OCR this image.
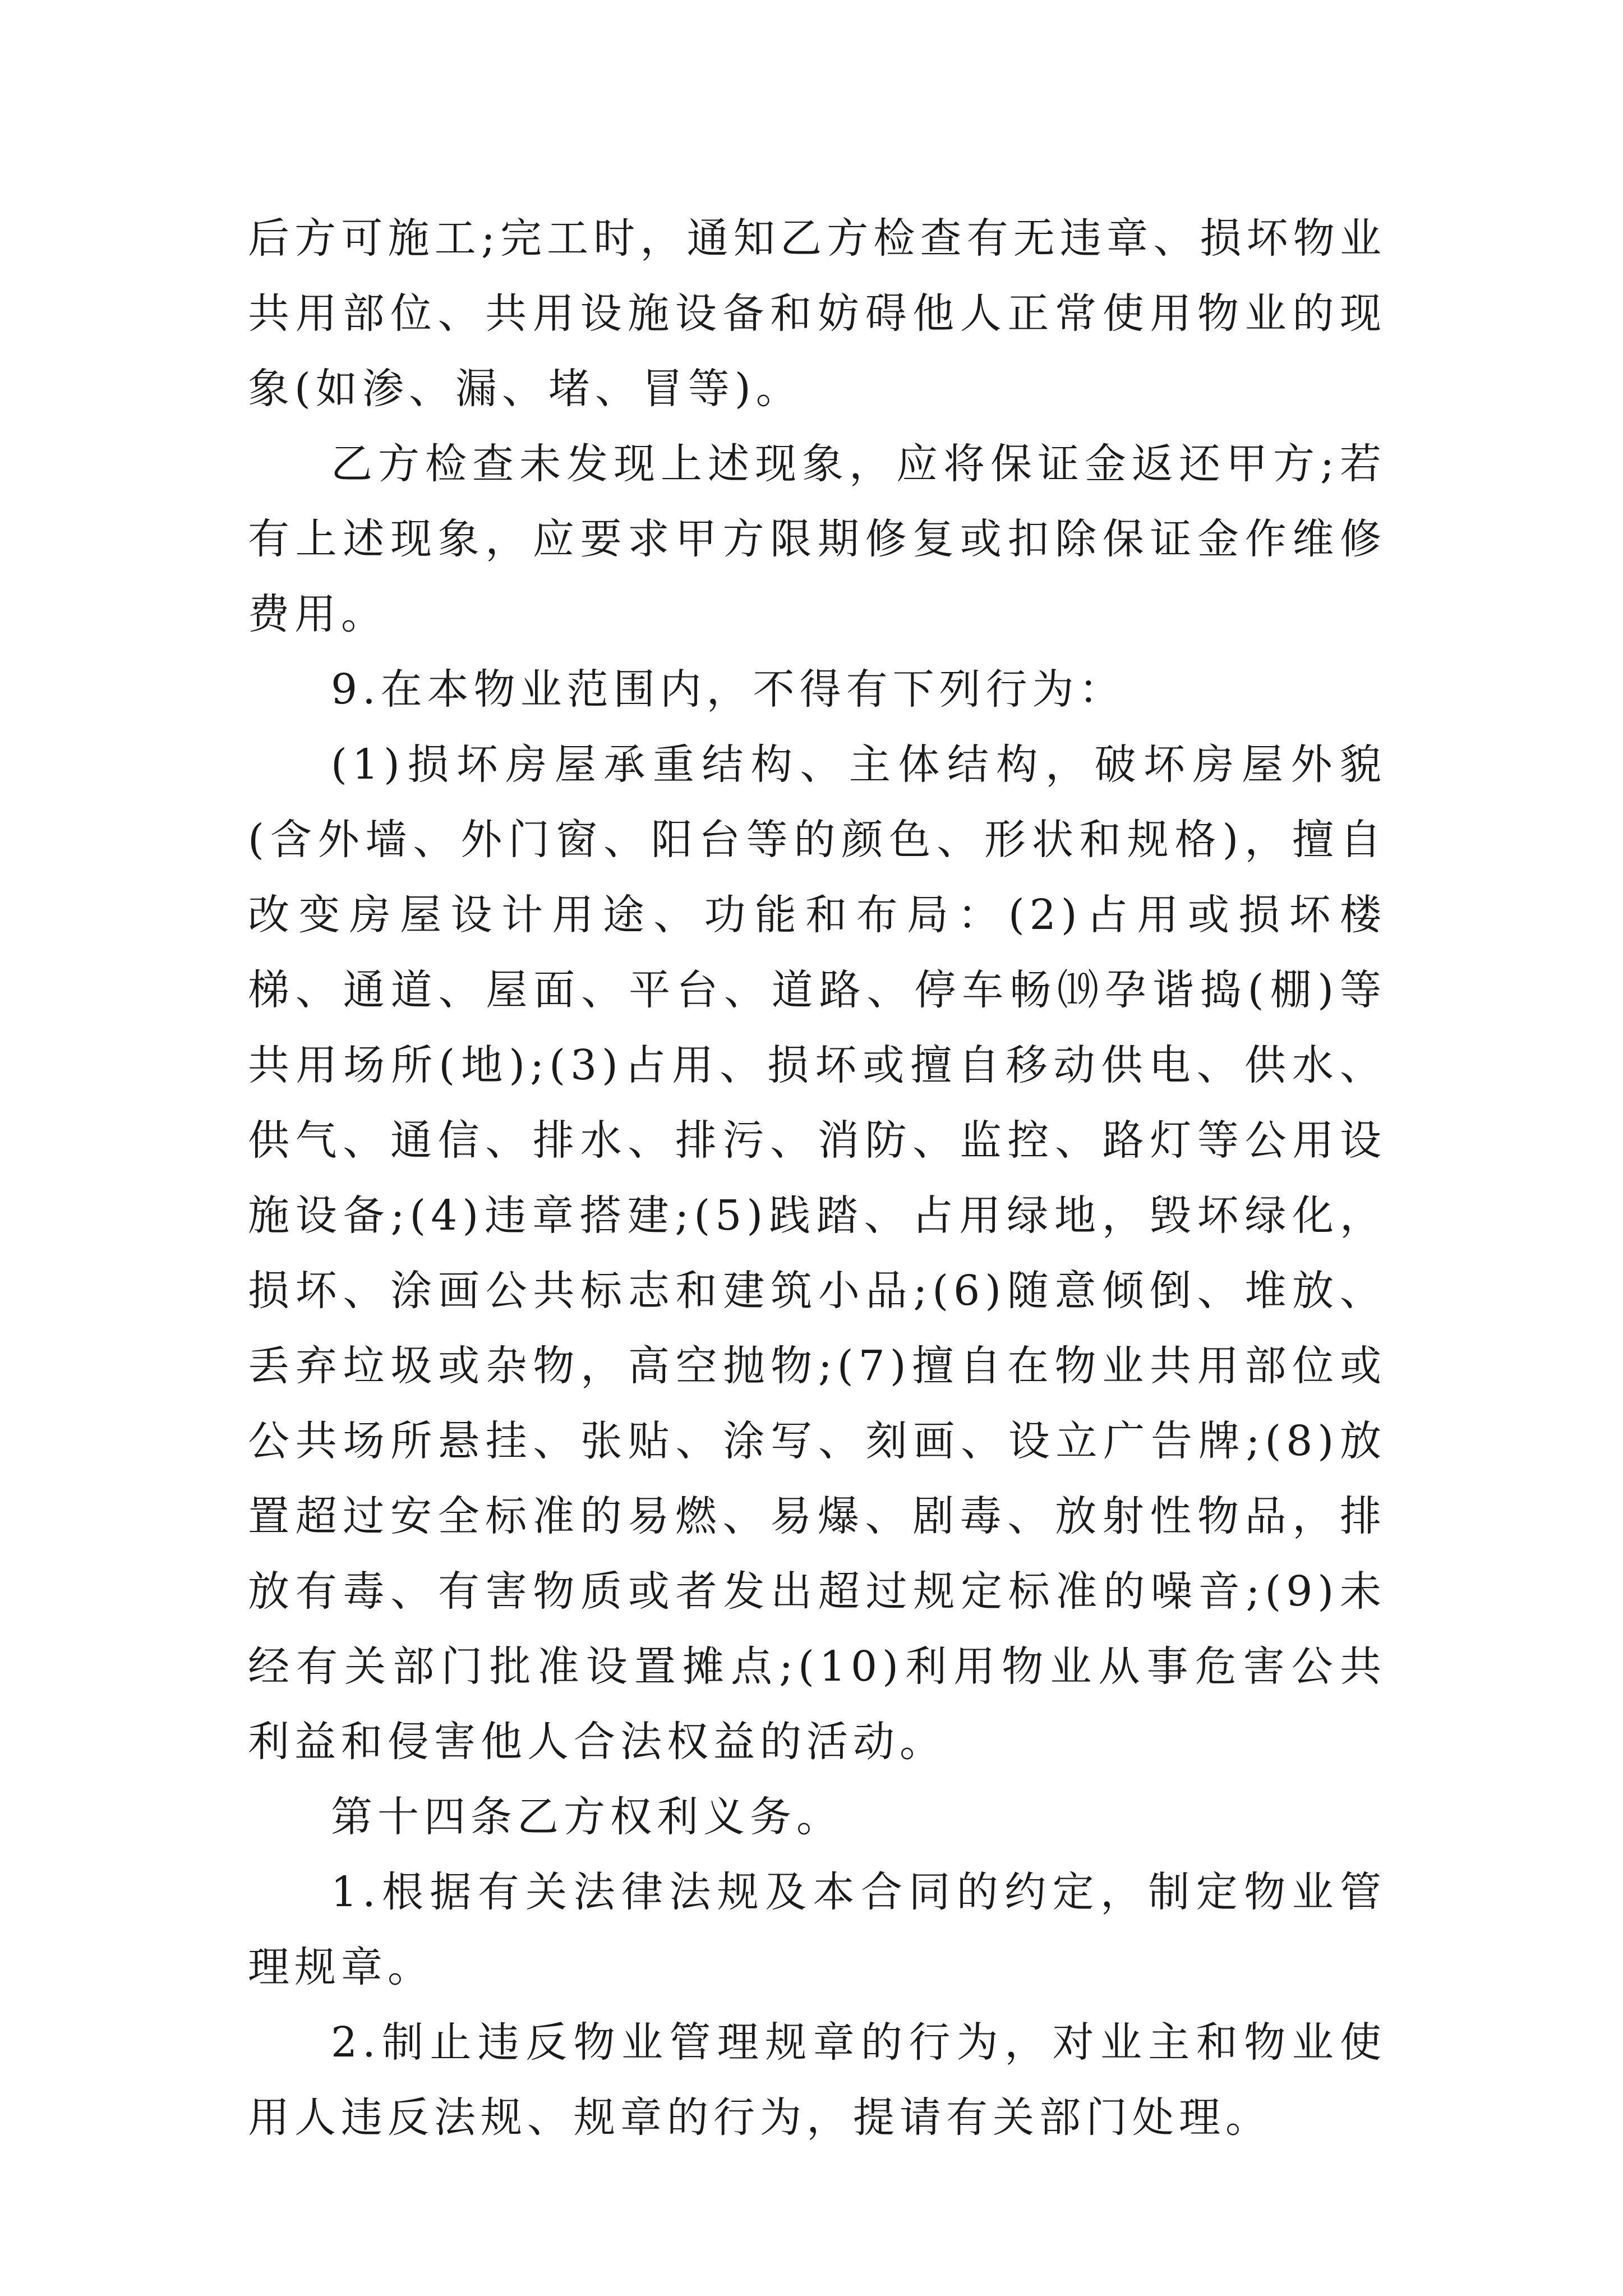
后方可施工;完工时，通知乙方检查有无违章、损坏物业共用部位、共用设施设备和妨碍他人正常使用物业的现象(如渗、漏、堵、冒等)。

乙方检查未发现上述现象，应将保证金返还甲方;若有上述现象，应要求甲方限期修复或扣除保证金作维修费用。

9.在本物业范围内，不得有下列行为：

(1)损坏房屋承重结构、主体结构，破坏房屋外貌(含外墙、外门窗、阳台等的颜色、形状和规格)，擅自改变房屋设计用途、功能和布局：(2)占用或损坏楼梯、通道、屋面、平台、道路、停车畅⒆孕谐捣(棚)等共用场所(地);(3)占用、损坏或擅自移动供电、供水、供气、通信、排水、排污、消防、监控、路灯等公用设施设备;(4)违章搭建;(5)践踏、占用绿地，毁坏绿化，损坏、涂画公共标志和建筑小品;(6)随意倾倒、堆放、丢弃垃圾或杂物，高空抛物;(7)擅自在物业共用部位或公共场所悬挂、张贴、涂写、刻画、设立广告牌;(8)放置超过安全标准的易燃、易爆、剧毒、放射性物品，排放有毒、有害物质或者发出超过规定标准的噪音;(9)未经有关部门批准设置摊点;(10)利用物业从事危害公共利益和侵害他人合法权益的活动。

第十四条乙方权利义务。

1.根据有关法律法规及本合同的约定，制定物业管理规章。

2.制止违反物业管理规章的行为，对业主和物业使用人违反法规、规章的行为，提请有关部门处理。
